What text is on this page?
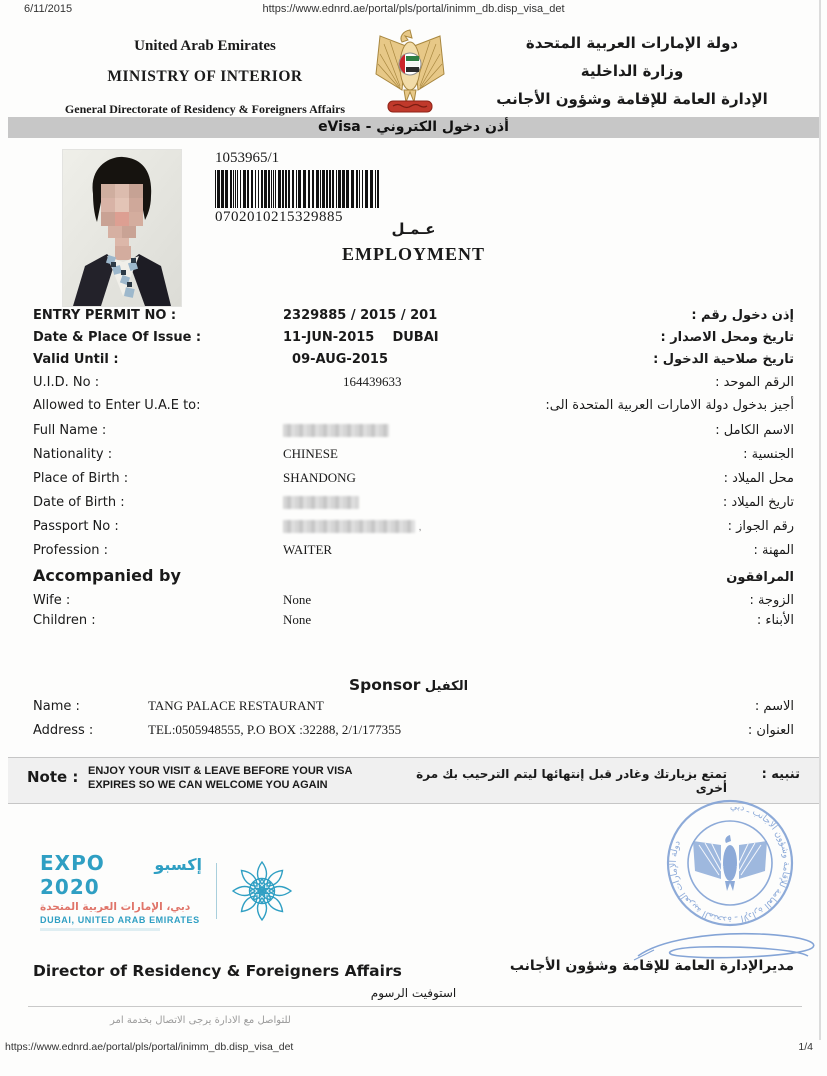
6/11/2015	https://www.ednrd.ae/portal/pls/portal/inimm_db.disp_visa_det
United Arab Emirates
MINISTRY OF INTERIOR
General Directorate of Residency & Foreigners Affairs
دولة الإمارات العربية المتحدة
وزارة الداخلية
الإدارة العامة للإقامة وشؤون الأجانب
أذن دخول الكتروني - eVisa
1053965/1
0702010215329885
عـمـل
EMPLOYMENT
ENTRY PERMIT NO :	2329885 / 2015 / 201	إذن دخول رقم :
Date & Place Of Issue :	11-JUN-2015    DUBAI	تاريخ ومحل الاصدار :
Valid Until :	09-AUG-2015	تاريخ صلاحية الدخول :
U.I.D. No :	164439633	الرقم الموحد :
Allowed to Enter U.A.E to:	أجيز بدخول دولة الامارات العربية المتحدة الى:
Full Name :	الاسم الكامل :
Nationality :	CHINESE	الجنسية :
Place of Birth :	SHANDONG	محل الميلاد :
Date of Birth :	تاريخ الميلاد :
Passport No :	,	رقم الجواز :
Profession :	WAITER	المهنة :
Accompanied by	المرافقون
Wife :	None	الزوجة :
Children :	None	الأبناء :
Sponsor الكفيل
Name :	TANG PALACE RESTAURANT	الاسم :
Address :	TEL:0505948555, P.O BOX :32288, 2/1/177355	العنوان :
Note : ENJOY YOUR VISIT & LEAVE BEFORE YOUR VISA EXPIRES SO WE CAN WELCOME YOU AGAIN
تمتع بزيارتك وغادر قبل إنتهائها ليتم الترحيب بك مرة أخرى
تنبيه :
EXPO 2020
إكسبو
دبي، الإمارات العربية المتحدة
DUBAI, UNITED ARAB EMIRATES
دولة الإمارات العربية المتحدة ـ الإدارة العامة للإقامة وشؤون الأجانب ـ دبي
Director of Residency & Foreigners Affairs	مديرالإدارة العامة للإقامة وشؤون الأجانب
استوفيت الرسوم
للتواصل مع الادارة يرجى الاتصال بخدمة امر
https://www.ednrd.ae/portal/pls/portal/inimm_db.disp_visa_det	1/4
